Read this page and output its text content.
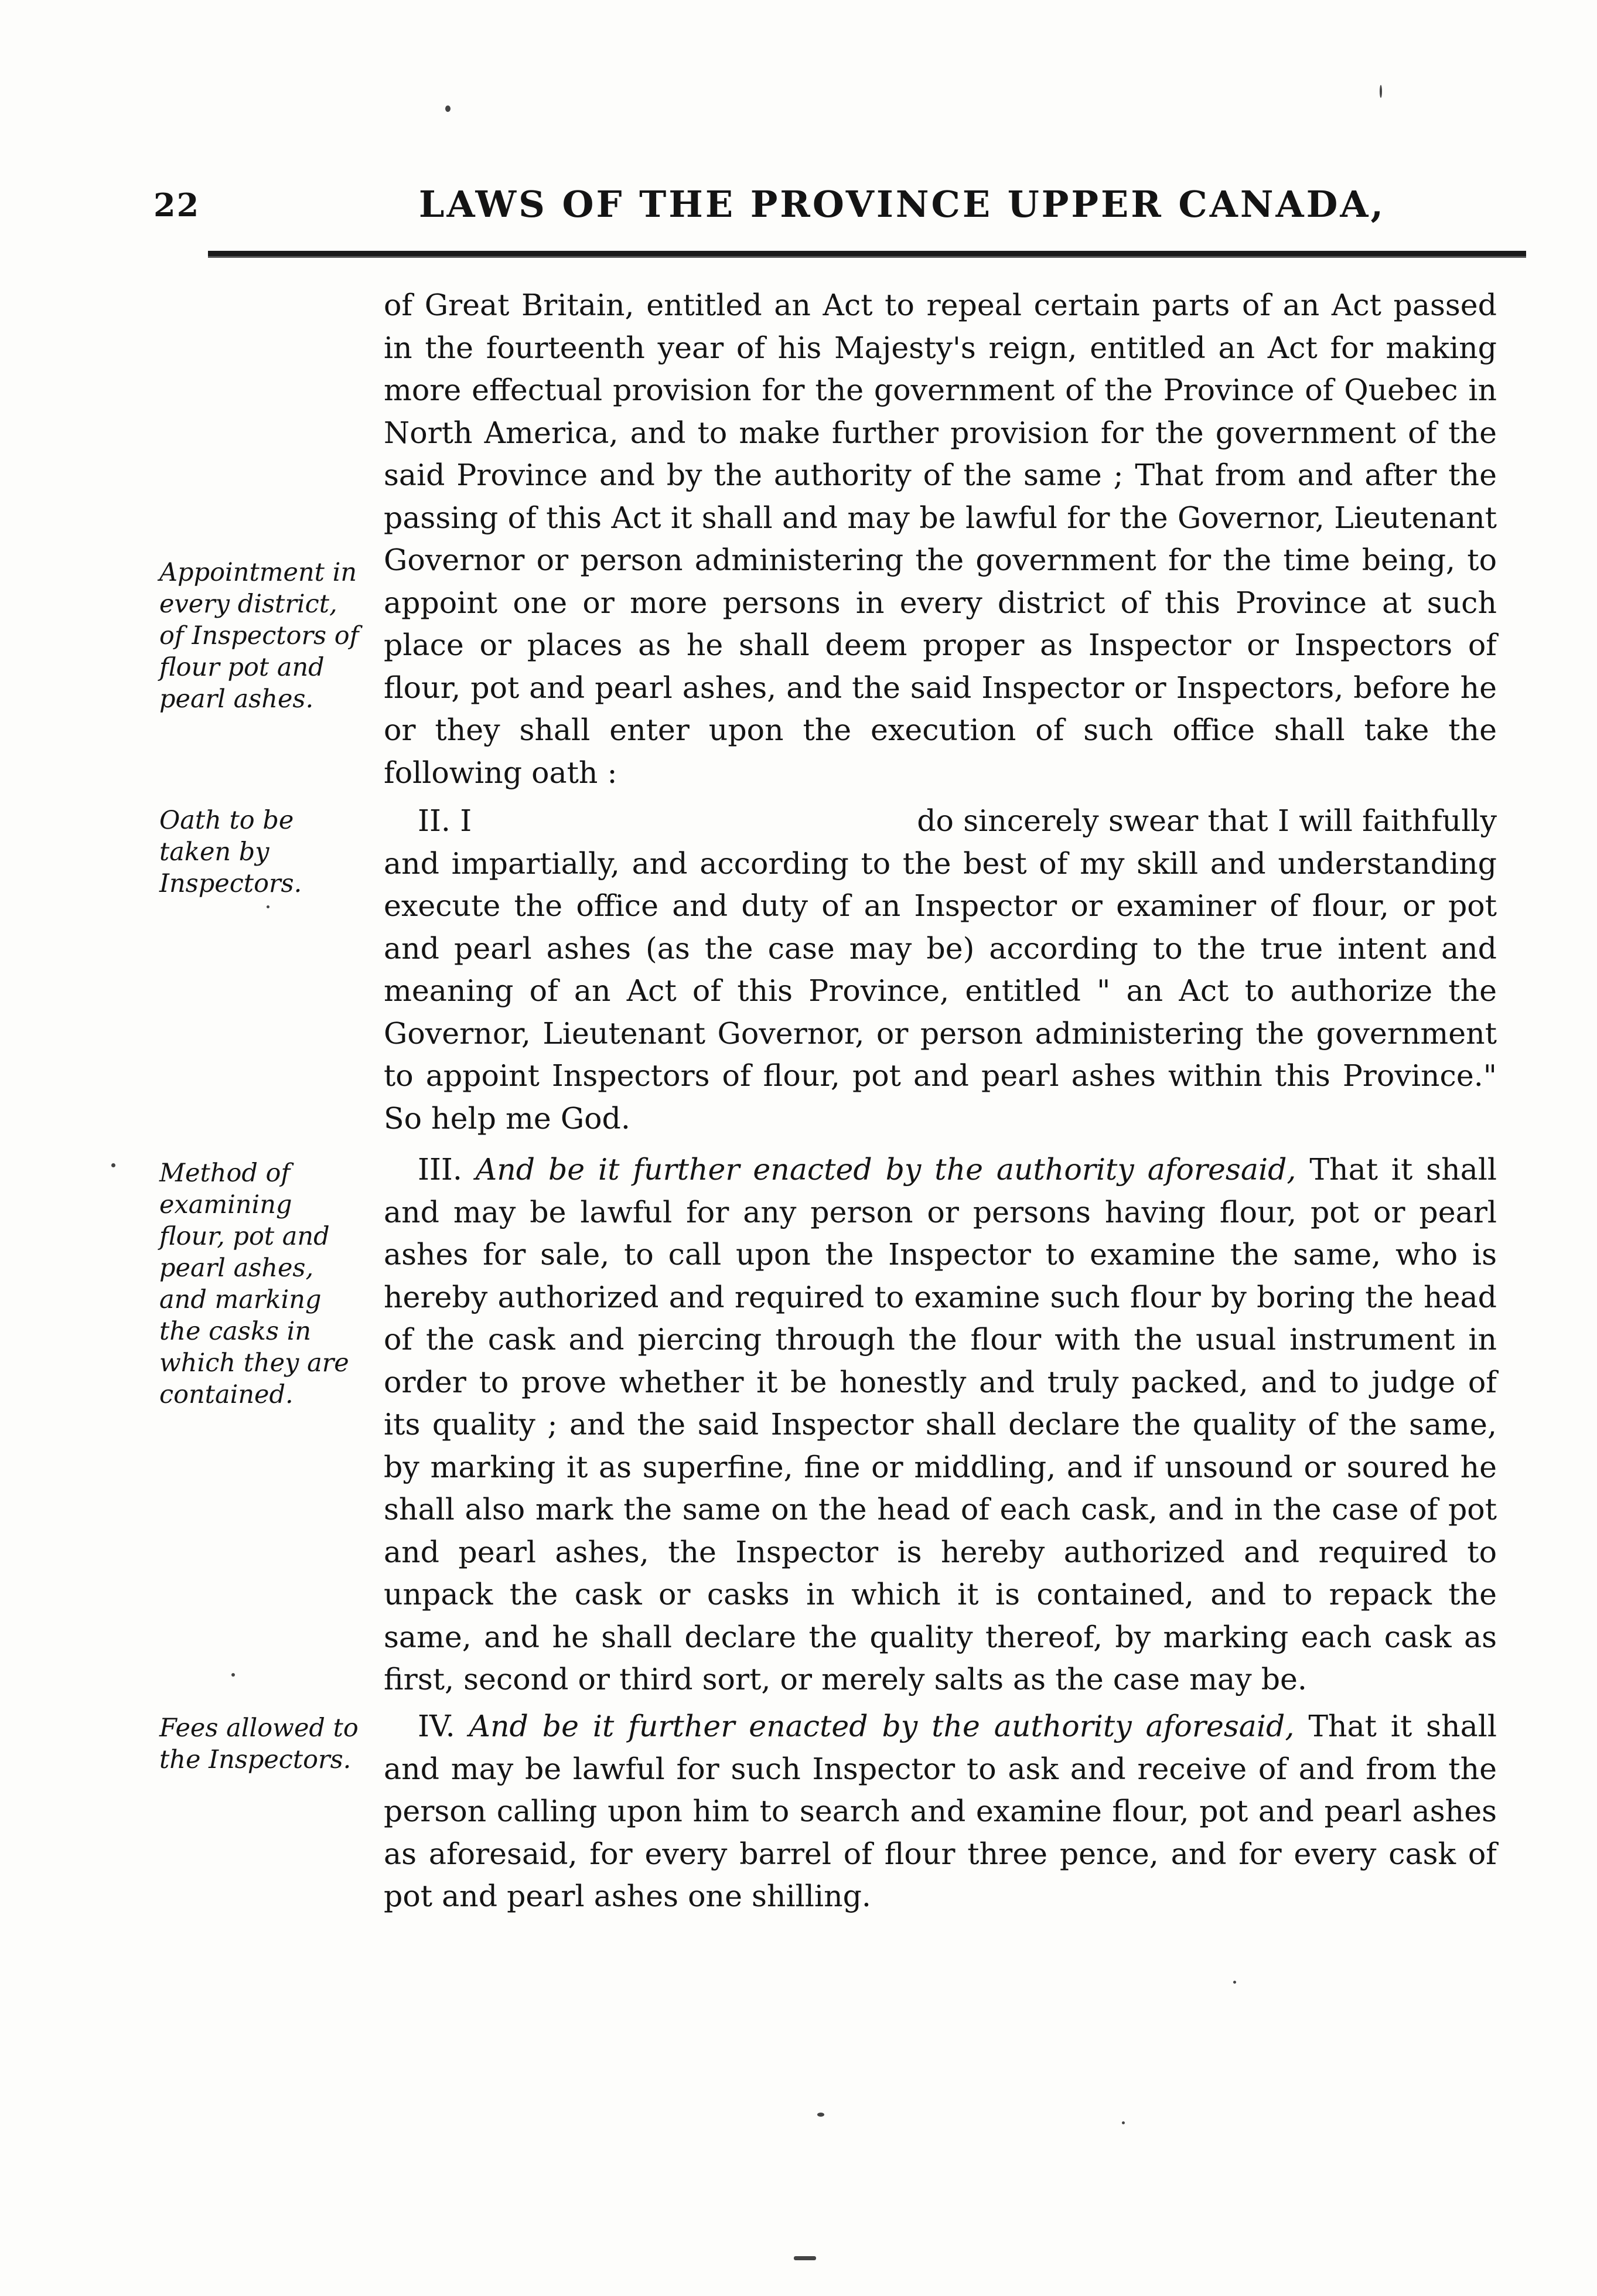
22	LAWS OF THE PROVINCE UPPER CANADA,
Appointment in every district, of Inspectors of flour pot and pearl ashes.

of Great Britain, entitled an Act to repeal certain parts of an Act passed in the fourteenth year of his Majesty's reign, entitled an Act for making more effectual provision for the government of the Province of Quebec in North America, and to make further provision for the government of the said Province and by the authority of the same ; That from and after the passing of this Act it shall and may be lawful for the Governor, Lieutenant Governor or person administering the government for the time being, to appoint one or more persons in every district of this Province at such place or places as he shall deem proper as Inspector or Inspectors of flour, pot and pearl ashes, and the said Inspector or Inspectors, before he or they shall enter upon the execution of such office shall take the following oath :

Oath to be taken by Inspectors.

II. I	do sincerely swear that I will faithfully and impartially, and according to the best of my skill and understanding execute the office and duty of an Inspector or examiner of flour, or pot and pearl ashes (as the case may be) according to the true intent and meaning of an Act of this Province, entitled " an Act to authorize the Governor, Lieutenant Governor, or person administering the government to appoint Inspectors of flour, pot and pearl ashes within this Province." So help me God.

Method of examining flour, pot and pearl ashes, and marking the casks in which they are contained.

III. And be it further enacted by the authority aforesaid, That it shall and may be lawful for any person or persons having flour, pot or pearl ashes for sale, to call upon the Inspector to examine the same, who is hereby authorized and required to examine such flour by boring the head of the cask and piercing through the flour with the usual instrument in order to prove whether it be honestly and truly packed, and to judge of its quality ; and the said Inspector shall declare the quality of the same, by marking it as superfine, fine or middling, and if unsound or soured he shall also mark the same on the head of each cask, and in the case of pot and pearl ashes, the Inspector is hereby authorized and required to unpack the cask or casks in which it is contained, and to repack the same, and he shall declare the quality thereof, by marking each cask as first, second or third sort, or merely salts as the case may be.

Fees allowed to the Inspectors.

IV. And be it further enacted by the authority aforesaid, That it shall and may be lawful for such Inspector to ask and receive of and from the person calling upon him to search and examine flour, pot and pearl ashes as aforesaid, for every barrel of flour three pence, and for every cask of pot and pearl ashes one shilling.
